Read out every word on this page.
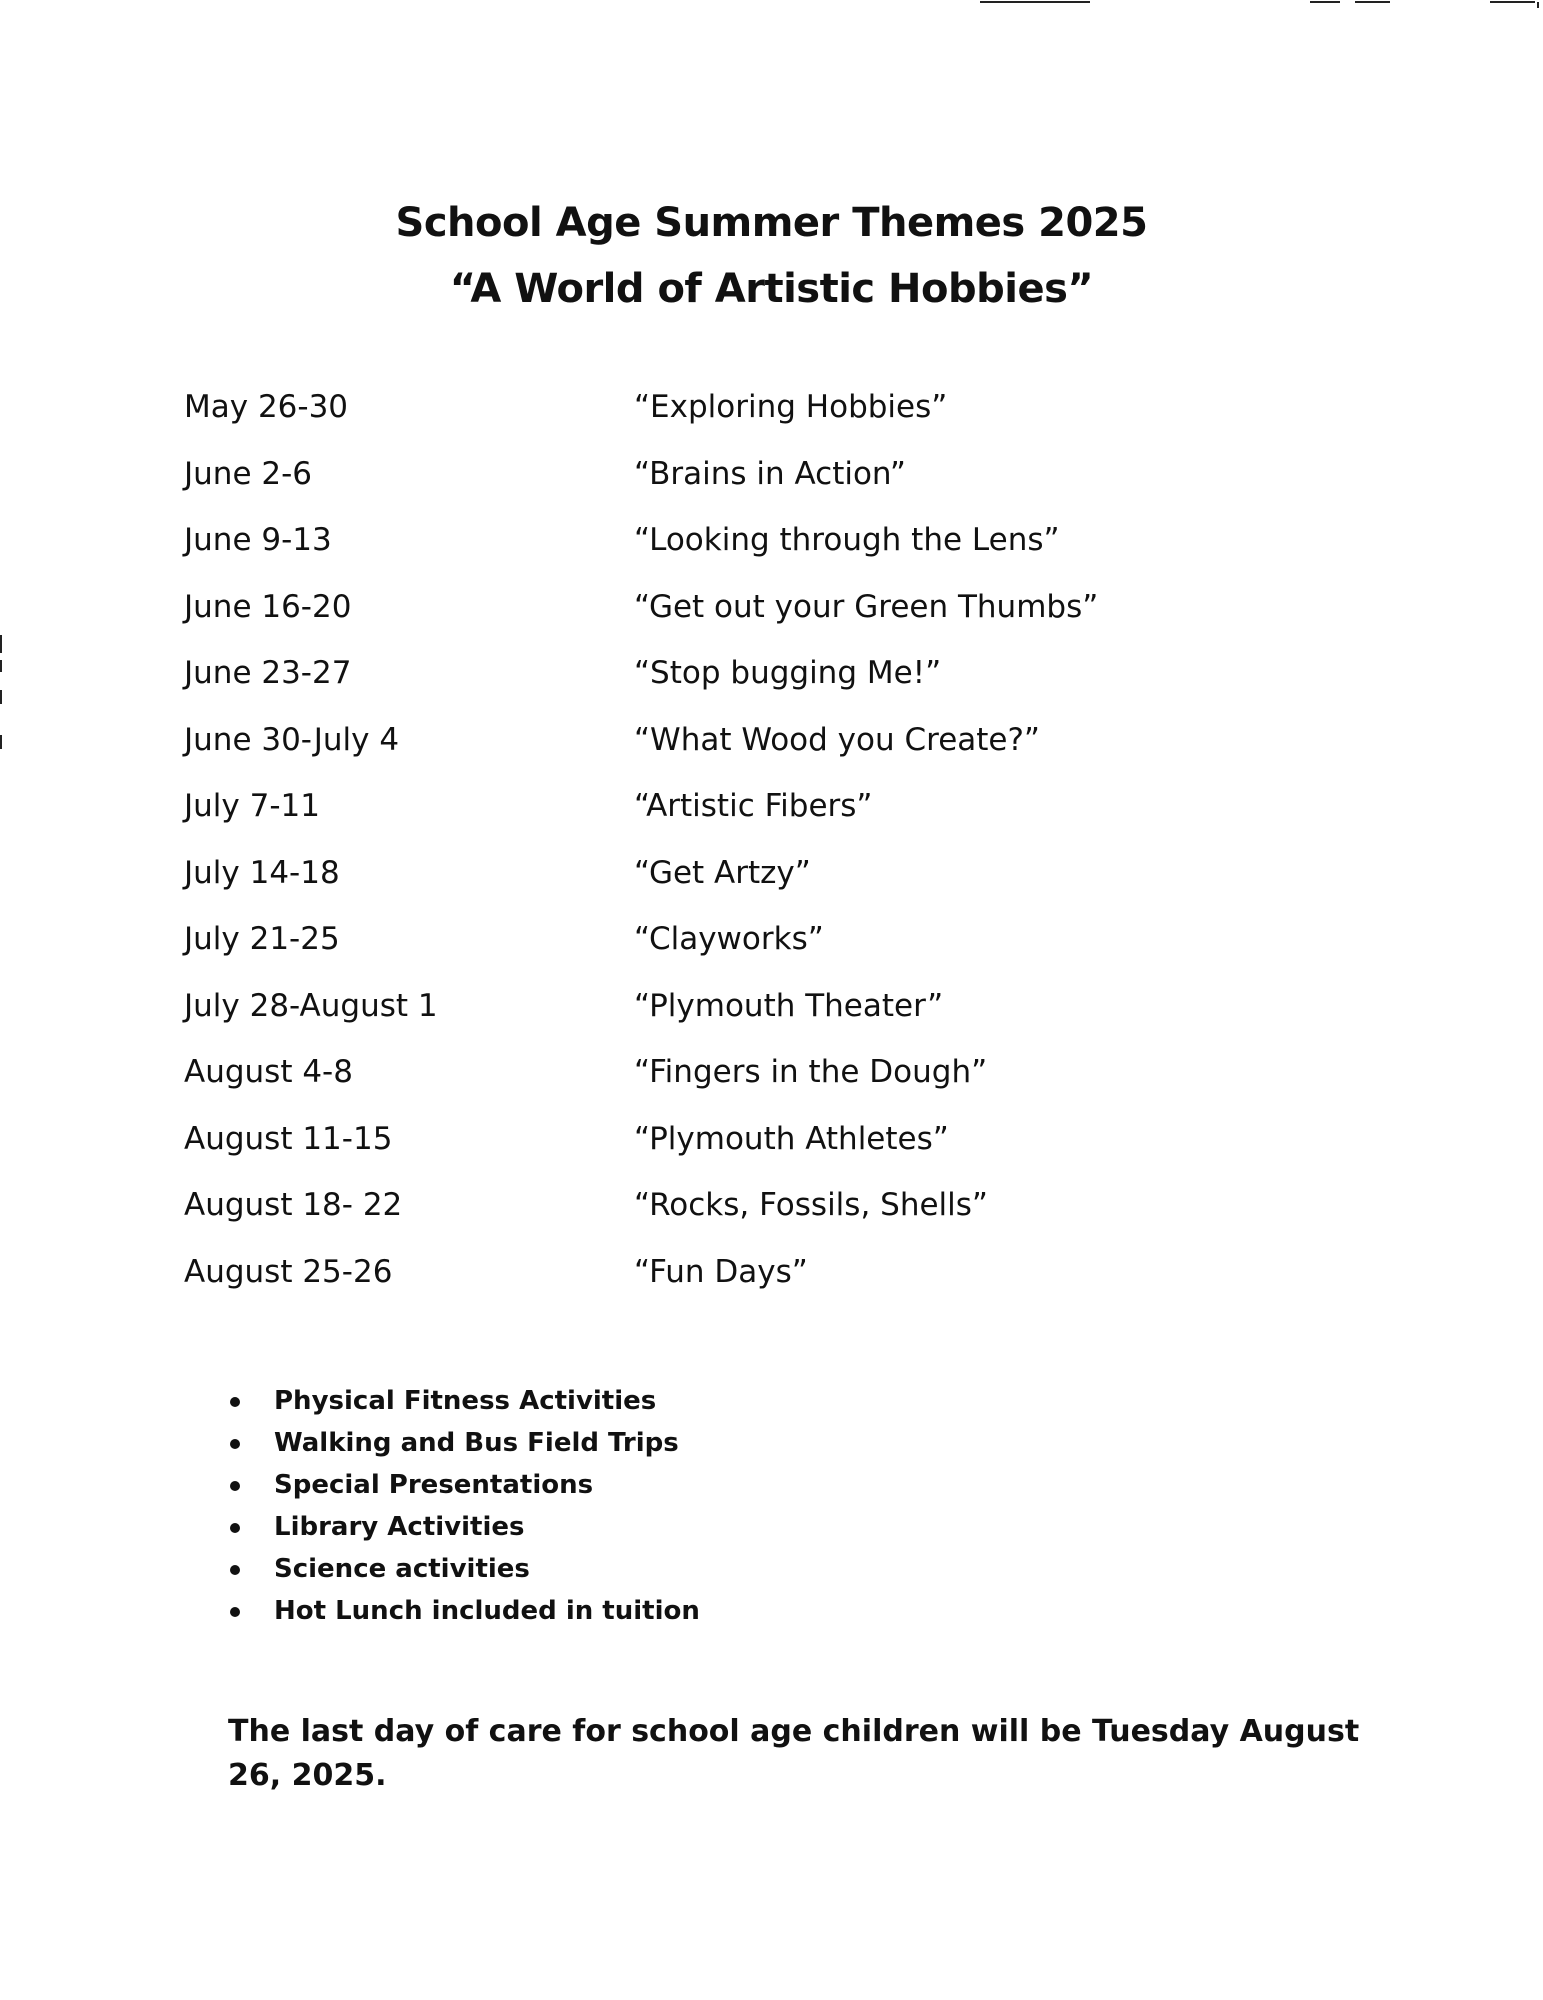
School Age Summer Themes 2025
“A World of Artistic Hobbies”
May 26-30	“Exploring Hobbies”
June 2-6	“Brains in Action”
June 9-13	“Looking through the Lens”
June 16-20	“Get out your Green Thumbs”
June 23-27	“Stop bugging Me!”
June 30-July 4	“What Wood you Create?”
July 7-11	“Artistic Fibers”
July 14-18	“Get Artzy”
July 21-25	“Clayworks”
July 28-August 1	“Plymouth Theater”
August 4-8	“Fingers in the Dough”
August 11-15	“Plymouth Athletes”
August 18- 22	“Rocks, Fossils, Shells”
August 25-26	“Fun Days”
Physical Fitness Activities
Walking and Bus Field Trips
Special Presentations
Library Activities
Science activities
Hot Lunch included in tuition
The last day of care for school age children will be Tuesday August 26, 2025.
